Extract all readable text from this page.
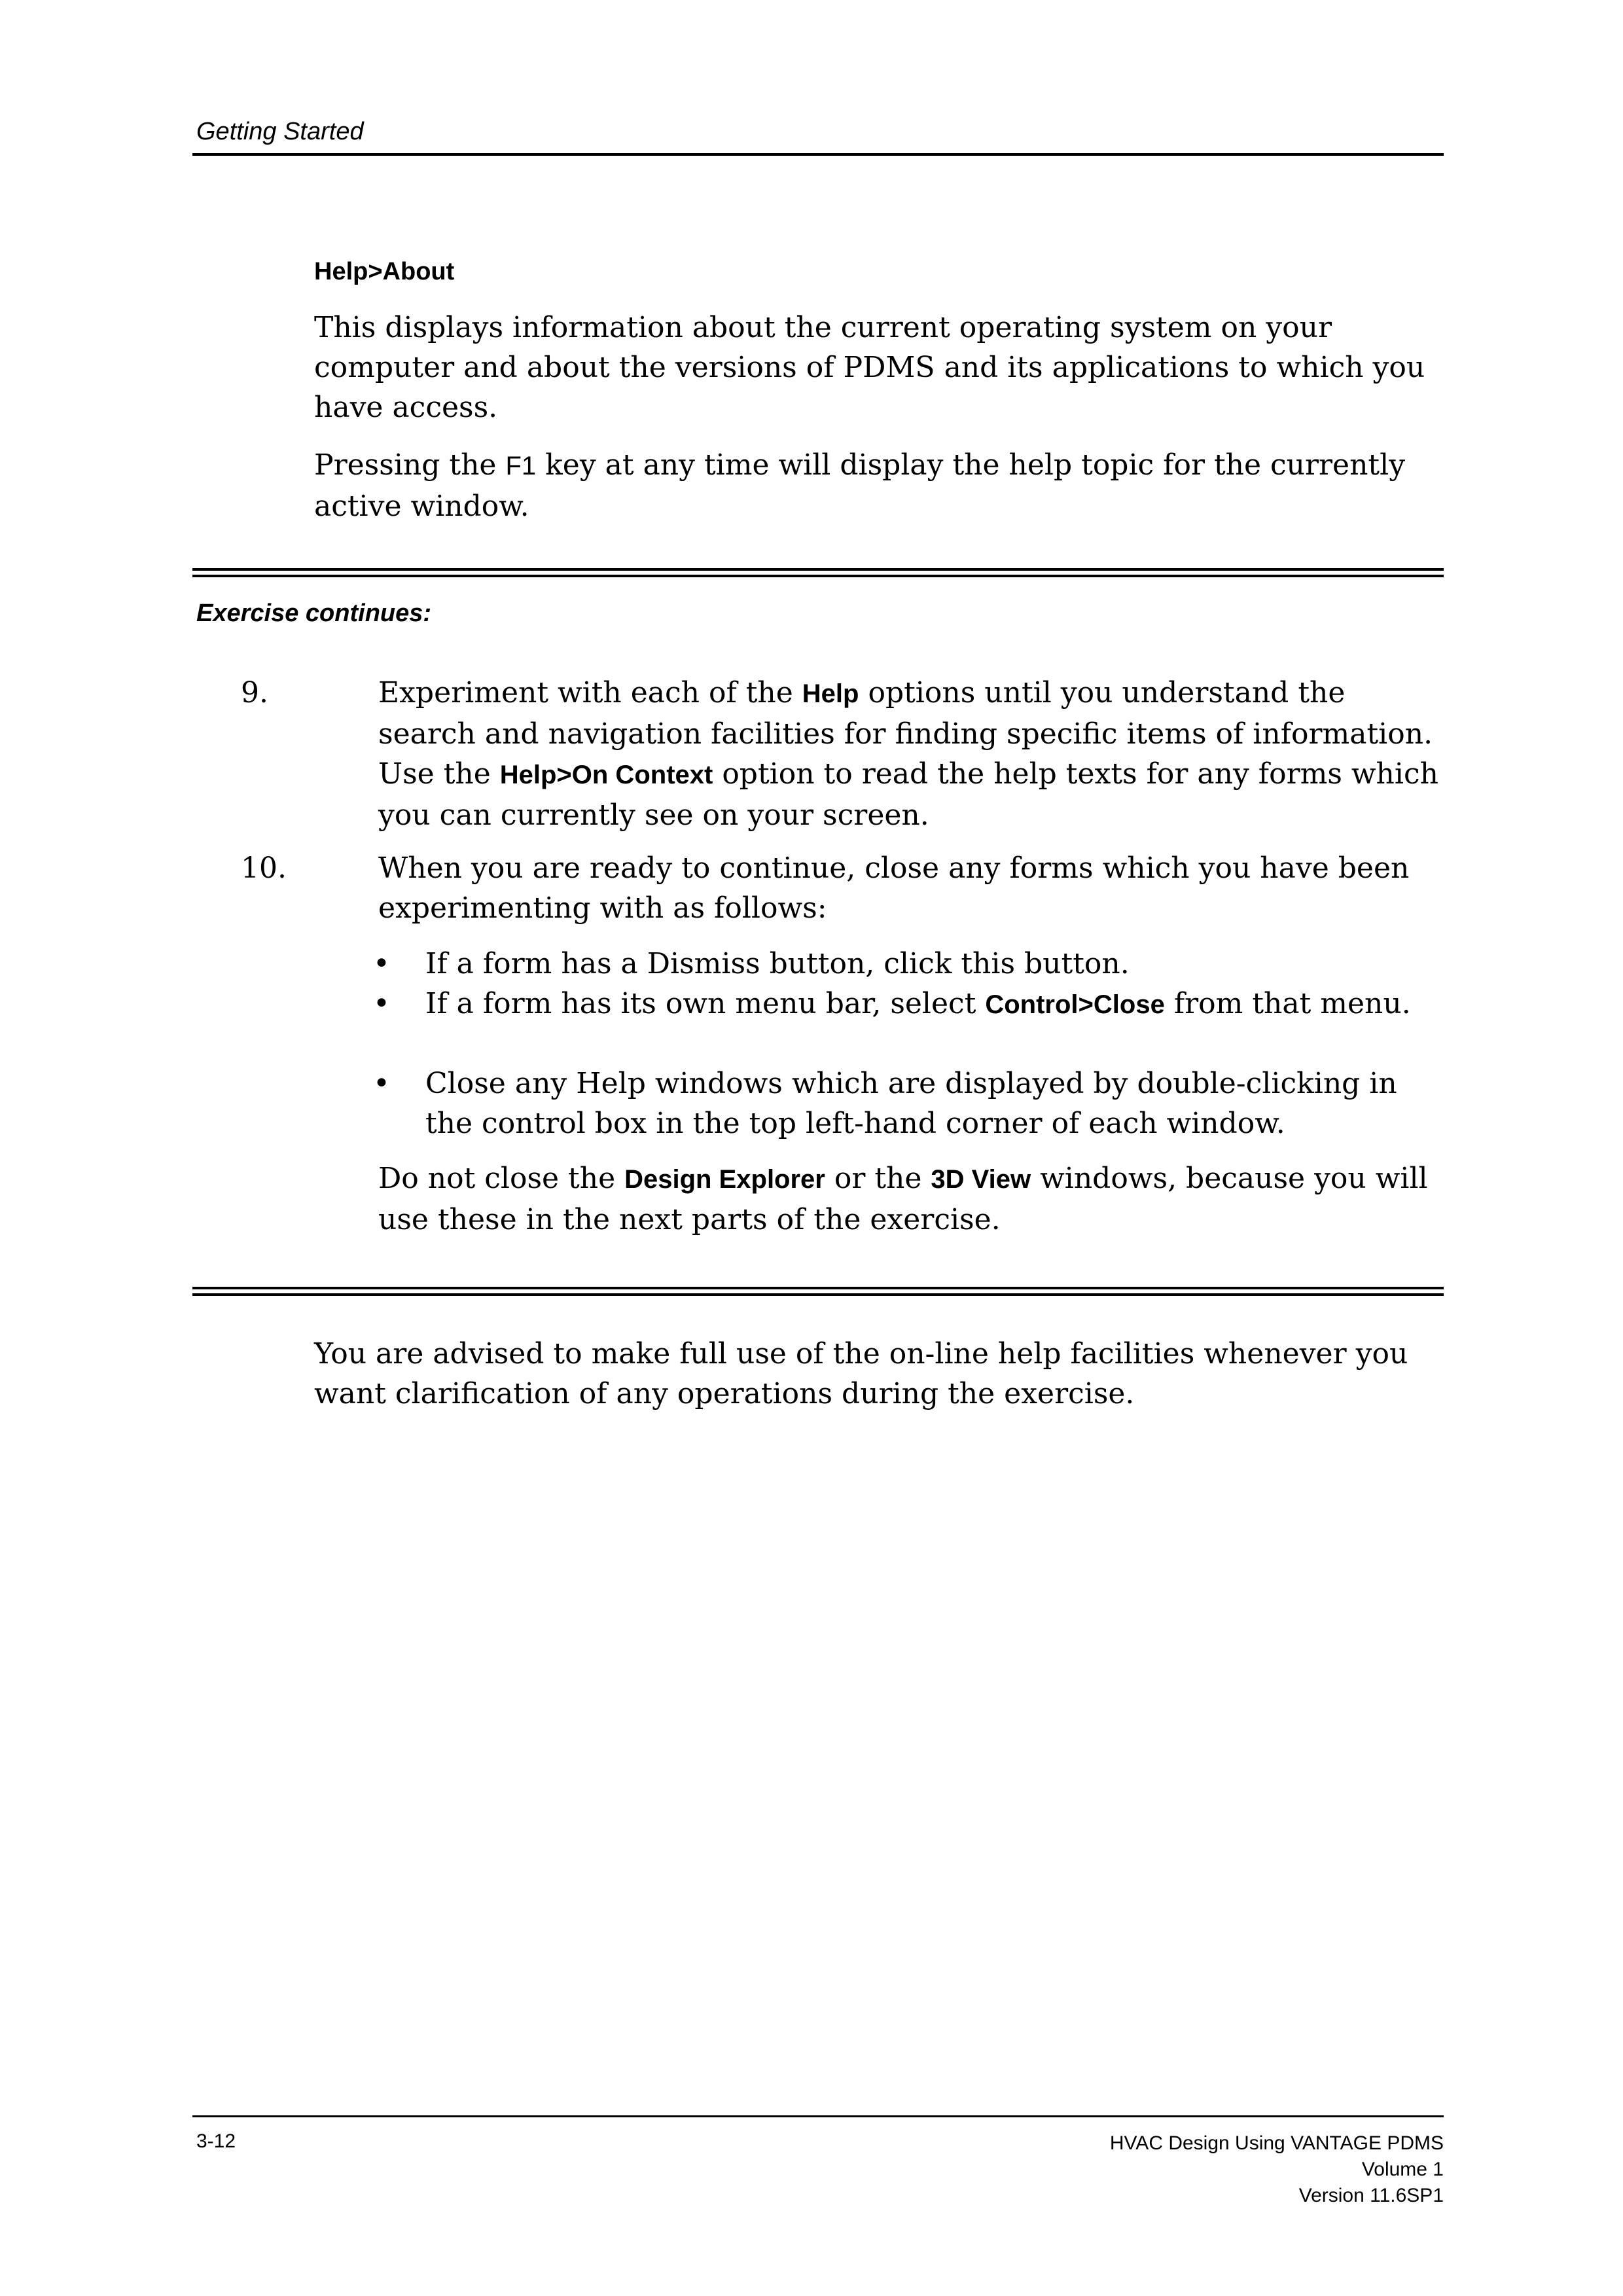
Getting Started
Help>About
This displays information about the current operating system on your computer and about the versions of PDMS and its applications to which you have access.
Pressing the F1 key at any time will display the help topic for the currently active window.
Exercise continues:
9.	Experiment with each of the Help options until you understand the search and navigation facilities for finding specific items of information. Use the Help>On Context option to read the help texts for any forms which you can currently see on your screen.
10.	When you are ready to continue, close any forms which you have been experimenting with as follows:
• If a form has a Dismiss button, click this button.
• If a form has its own menu bar, select Control>Close from that menu.
• Close any Help windows which are displayed by double-clicking in the control box in the top left-hand corner of each window.
Do not close the Design Explorer or the 3D View windows, because you will use these in the next parts of the exercise.
You are advised to make full use of the on-line help facilities whenever you want clarification of any operations during the exercise.
3-12	HVAC Design Using VANTAGE PDMS
Volume 1
Version 11.6SP1
